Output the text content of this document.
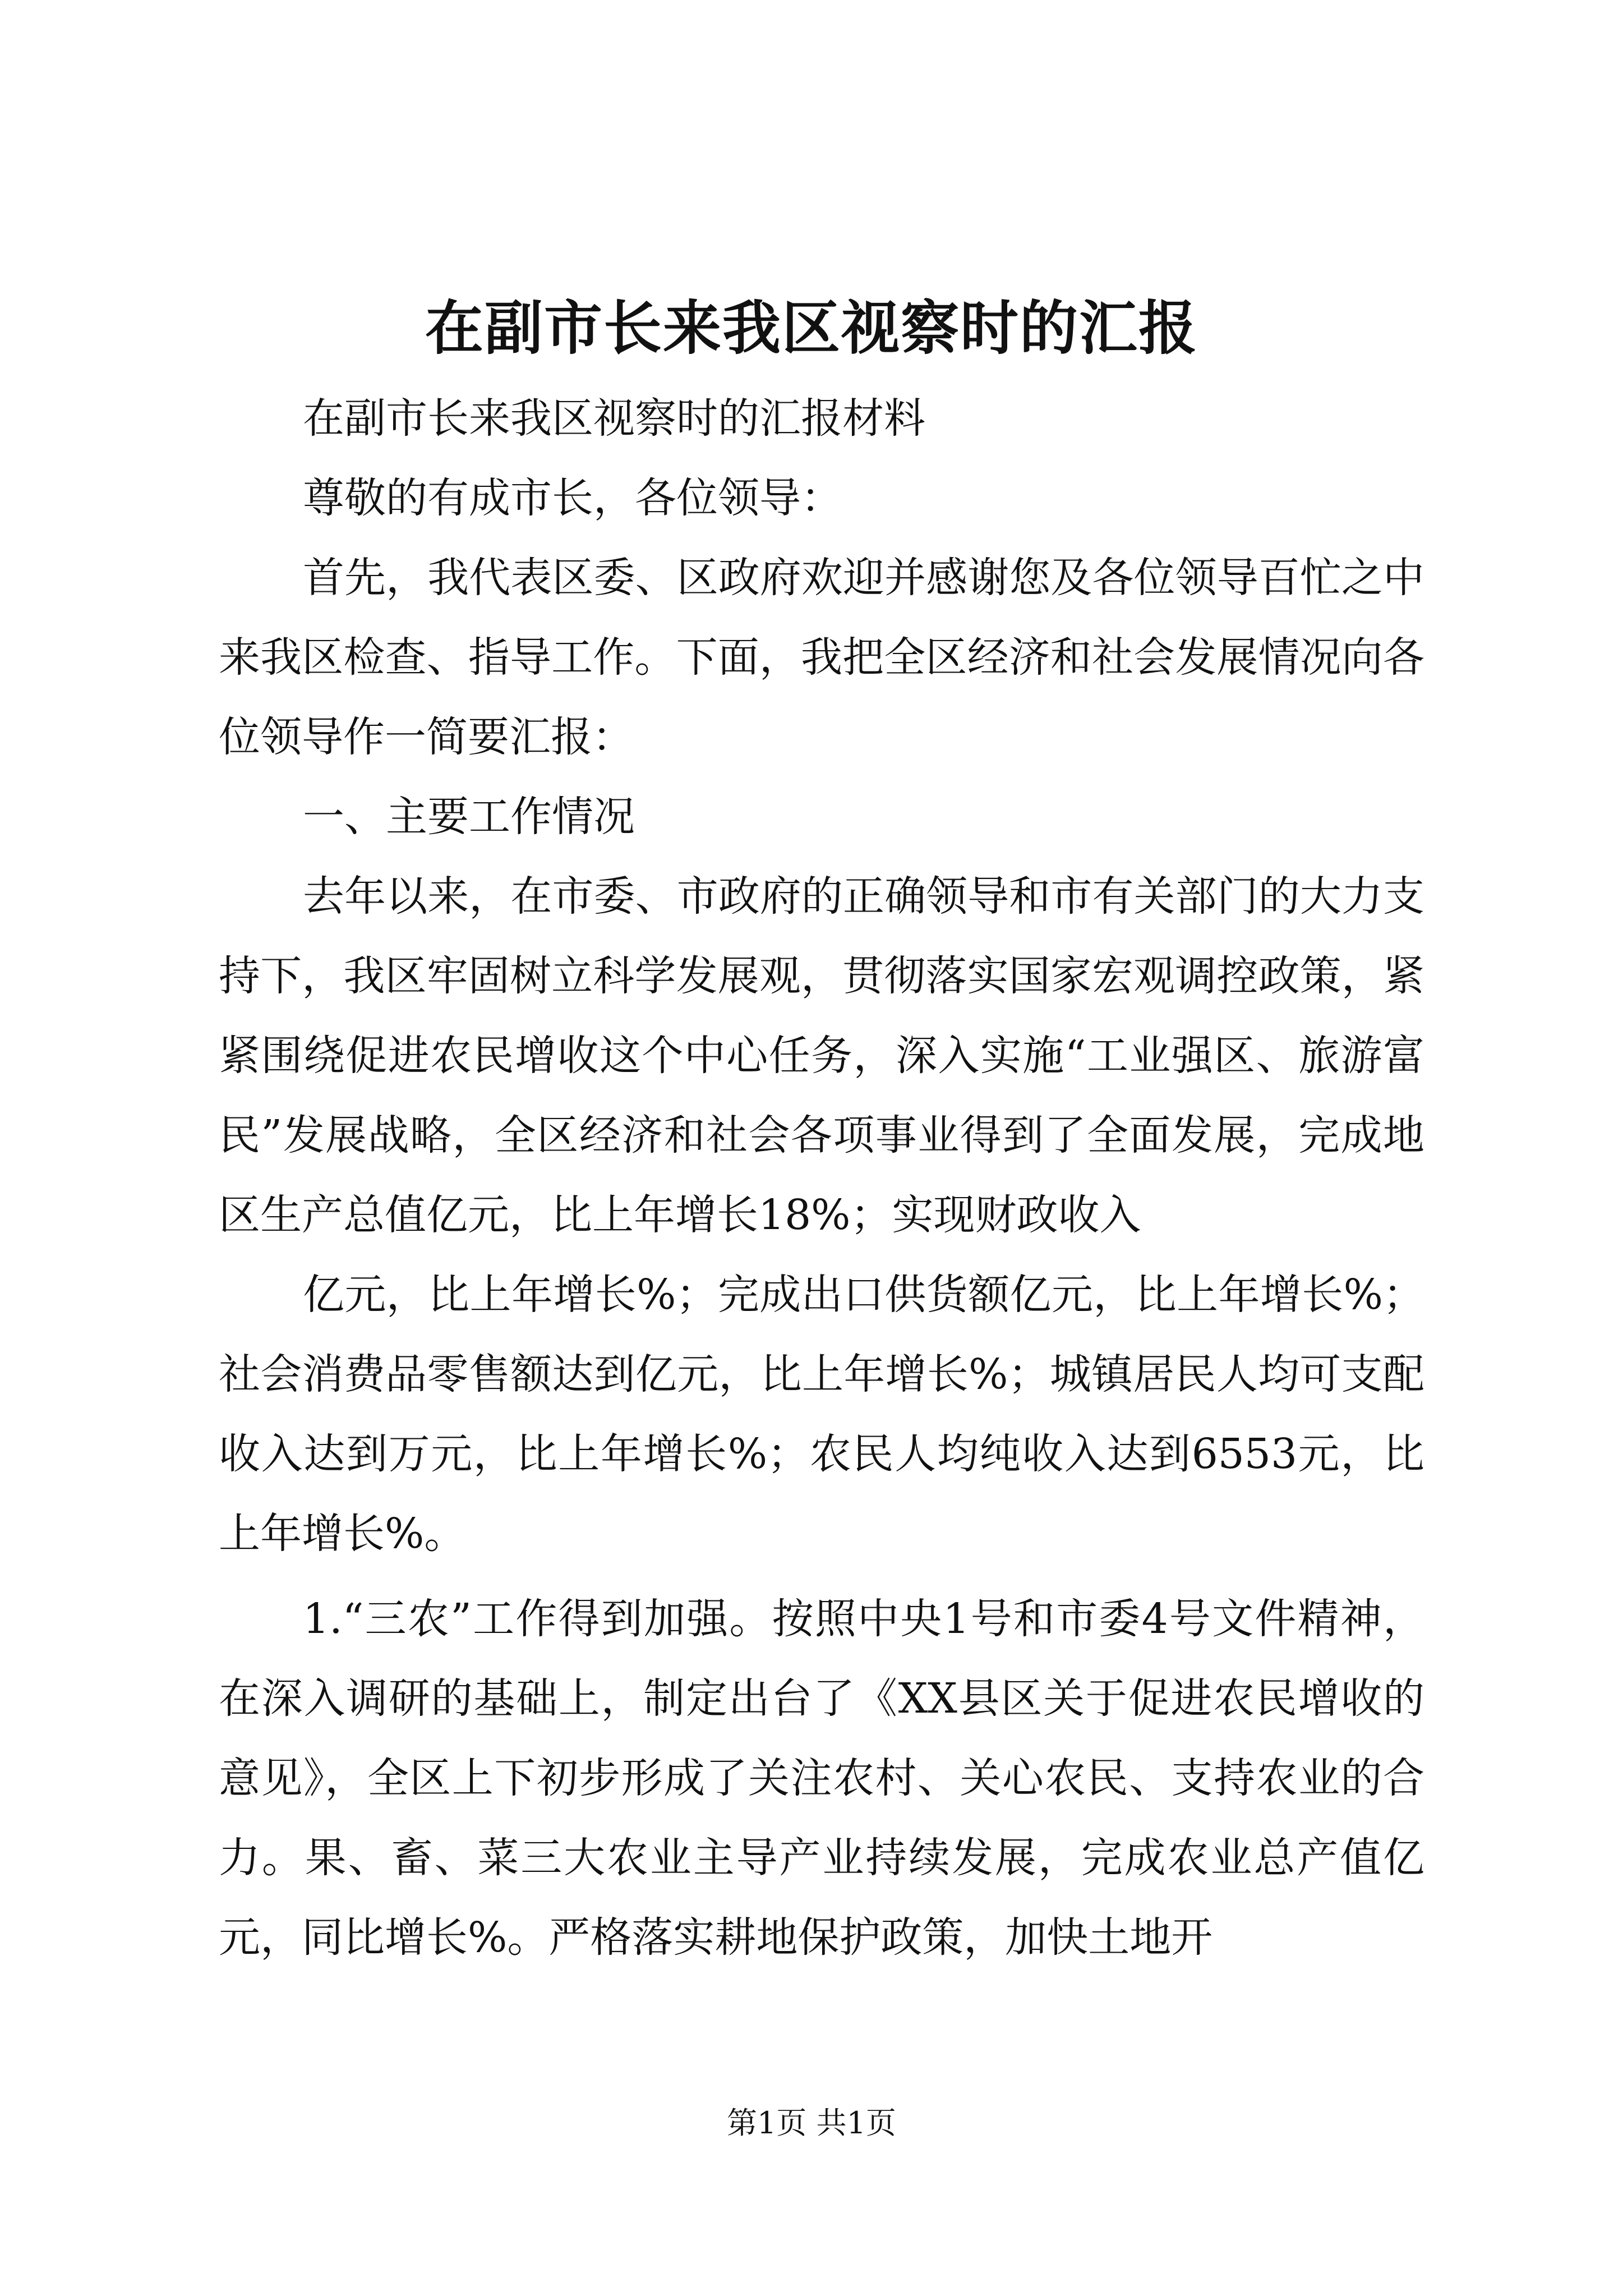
在副市长来我区视察时的汇报

在副市长来我区视察时的汇报材料

尊敬的有成市长，各位领导：

首先，我代表区委、区政府欢迎并感谢您及各位领导百忙之中来我区检查、指导工作。下面，我把全区经济和社会发展情况向各位领导作一简要汇报：

一、主要工作情况

去年以来，在市委、市政府的正确领导和市有关部门的大力支持下，我区牢固树立科学发展观，贯彻落实国家宏观调控政策，紧紧围绕促进农民增收这个中心任务，深入实施“工业强区、旅游富民”发展战略，全区经济和社会各项事业得到了全面发展，完成地区生产总值亿元，比上年增长18%；实现财政收入

亿元，比上年增长%；完成出口供货额亿元，比上年增长%；社会消费品零售额达到亿元，比上年增长%；城镇居民人均可支配收入达到万元，比上年增长%；农民人均纯收入达到6553元，比上年增长%。

1.“三农”工作得到加强。按照中央1号和市委4号文件精神，在深入调研的基础上，制定出台了《XX县区关于促进农民增收的意见》，全区上下初步形成了关注农村、关心农民、支持农业的合力。果、畜、菜三大农业主导产业持续发展，完成农业总产值亿元，同比增长%。严格落实耕地保护政策，加快土地开

第1页 共1页
